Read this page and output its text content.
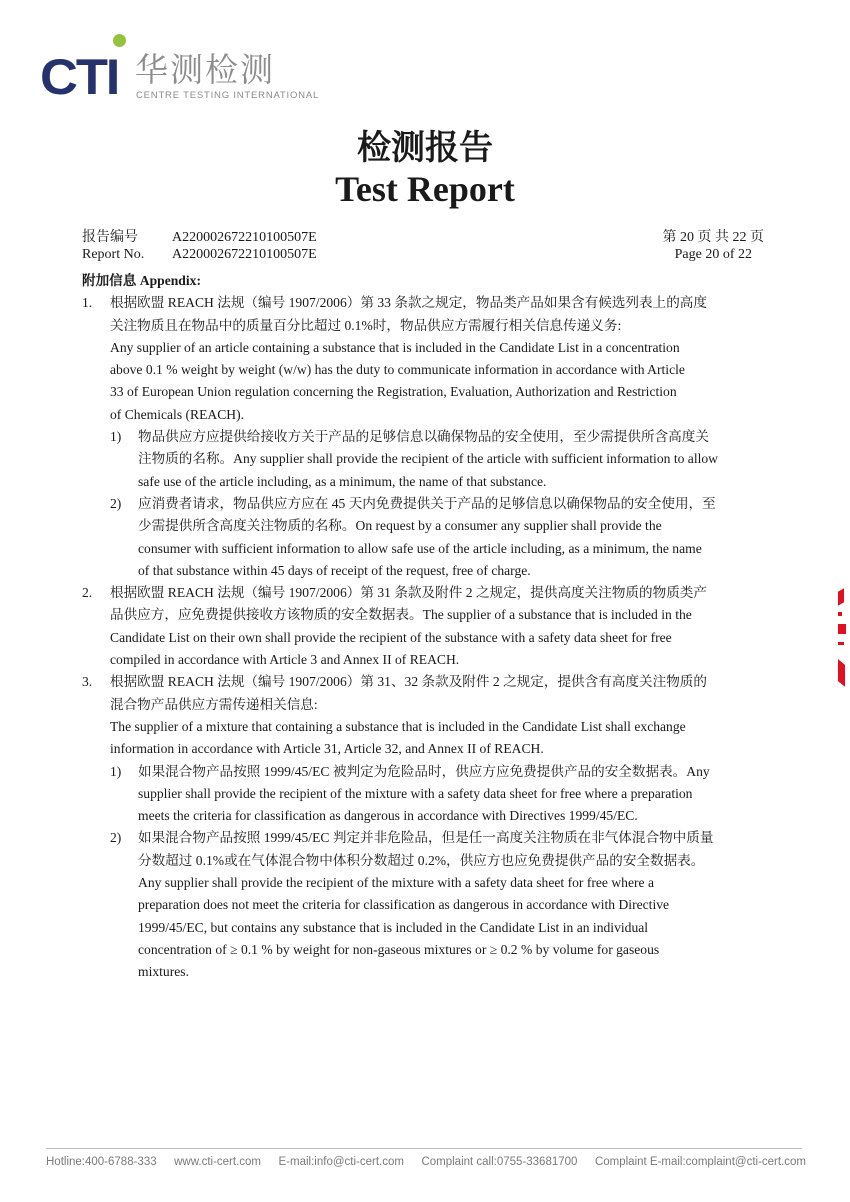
CTI 华测检测
CENTRE TESTING INTERNATIONAL
检测报告
Test Report
报告编号 A220002672210100507E
Report No. A220002672210100507E
第 20 页 共 22 页
Page 20 of 22
附加信息 Appendix:
1. 根据欧盟 REACH 法规（编号 1907/2006）第 33 条款之规定，物品类产品如果含有候选列表上的高度
关注物质且在物品中的质量百分比超过 0.1%时，物品供应方需履行相关信息传递义务:
Any supplier of an article containing a substance that is included in the Candidate List in a concentration
above 0.1 % weight by weight (w/w) has the duty to communicate information in accordance with Article
33 of European Union regulation concerning the Registration, Evaluation, Authorization and Restriction
of Chemicals (REACH).
1) 物品供应方应提供给接收方关于产品的足够信息以确保物品的安全使用，至少需提供所含高度关
注物质的名称。Any supplier shall provide the recipient of the article with sufficient information to allow
safe use of the article including, as a minimum, the name of that substance.
2) 应消费者请求，物品供应方应在 45 天内免费提供关于产品的足够信息以确保物品的安全使用，至
少需提供所含高度关注物质的名称。On request by a consumer any supplier shall provide the
consumer with sufficient information to allow safe use of the article including, as a minimum, the name
of that substance within 45 days of receipt of the request, free of charge.
2. 根据欧盟 REACH 法规（编号 1907/2006）第 31 条款及附件 2 之规定，提供高度关注物质的物质类产
品供应方，应免费提供接收方该物质的安全数据表。The supplier of a substance that is included in the
Candidate List on their own shall provide the recipient of the substance with a safety data sheet for free
compiled in accordance with Article 3 and Annex II of REACH.
3. 根据欧盟 REACH 法规（编号 1907/2006）第 31、32 条款及附件 2 之规定，提供含有高度关注物质的
混合物产品供应方需传递相关信息:
The supplier of a mixture that containing a substance that is included in the Candidate List shall exchange
information in accordance with Article 31, Article 32, and Annex II of REACH.
1) 如果混合物产品按照 1999/45/EC 被判定为危险品时，供应方应免费提供产品的安全数据表。Any
supplier shall provide the recipient of the mixture with a safety data sheet for free where a preparation
meets the criteria for classification as dangerous in accordance with Directives 1999/45/EC.
2) 如果混合物产品按照 1999/45/EC 判定并非危险品，但是任一高度关注物质在非气体混合物中质量
分数超过 0.1%或在气体混合物中体积分数超过 0.2%，供应方也应免费提供产品的安全数据表。
Any supplier shall provide the recipient of the mixture with a safety data sheet for free where a
preparation does not meet the criteria for classification as dangerous in accordance with Directive
1999/45/EC, but contains any substance that is included in the Candidate List in an individual
concentration of ≥ 0.1 % by weight for non-gaseous mixtures or ≥ 0.2 % by volume for gaseous
mixtures.
Hotline:400-6788-333 www.cti-cert.com E-mail:info@cti-cert.com Complaint call:0755-33681700 Complaint E-mail:complaint@cti-cert.com
